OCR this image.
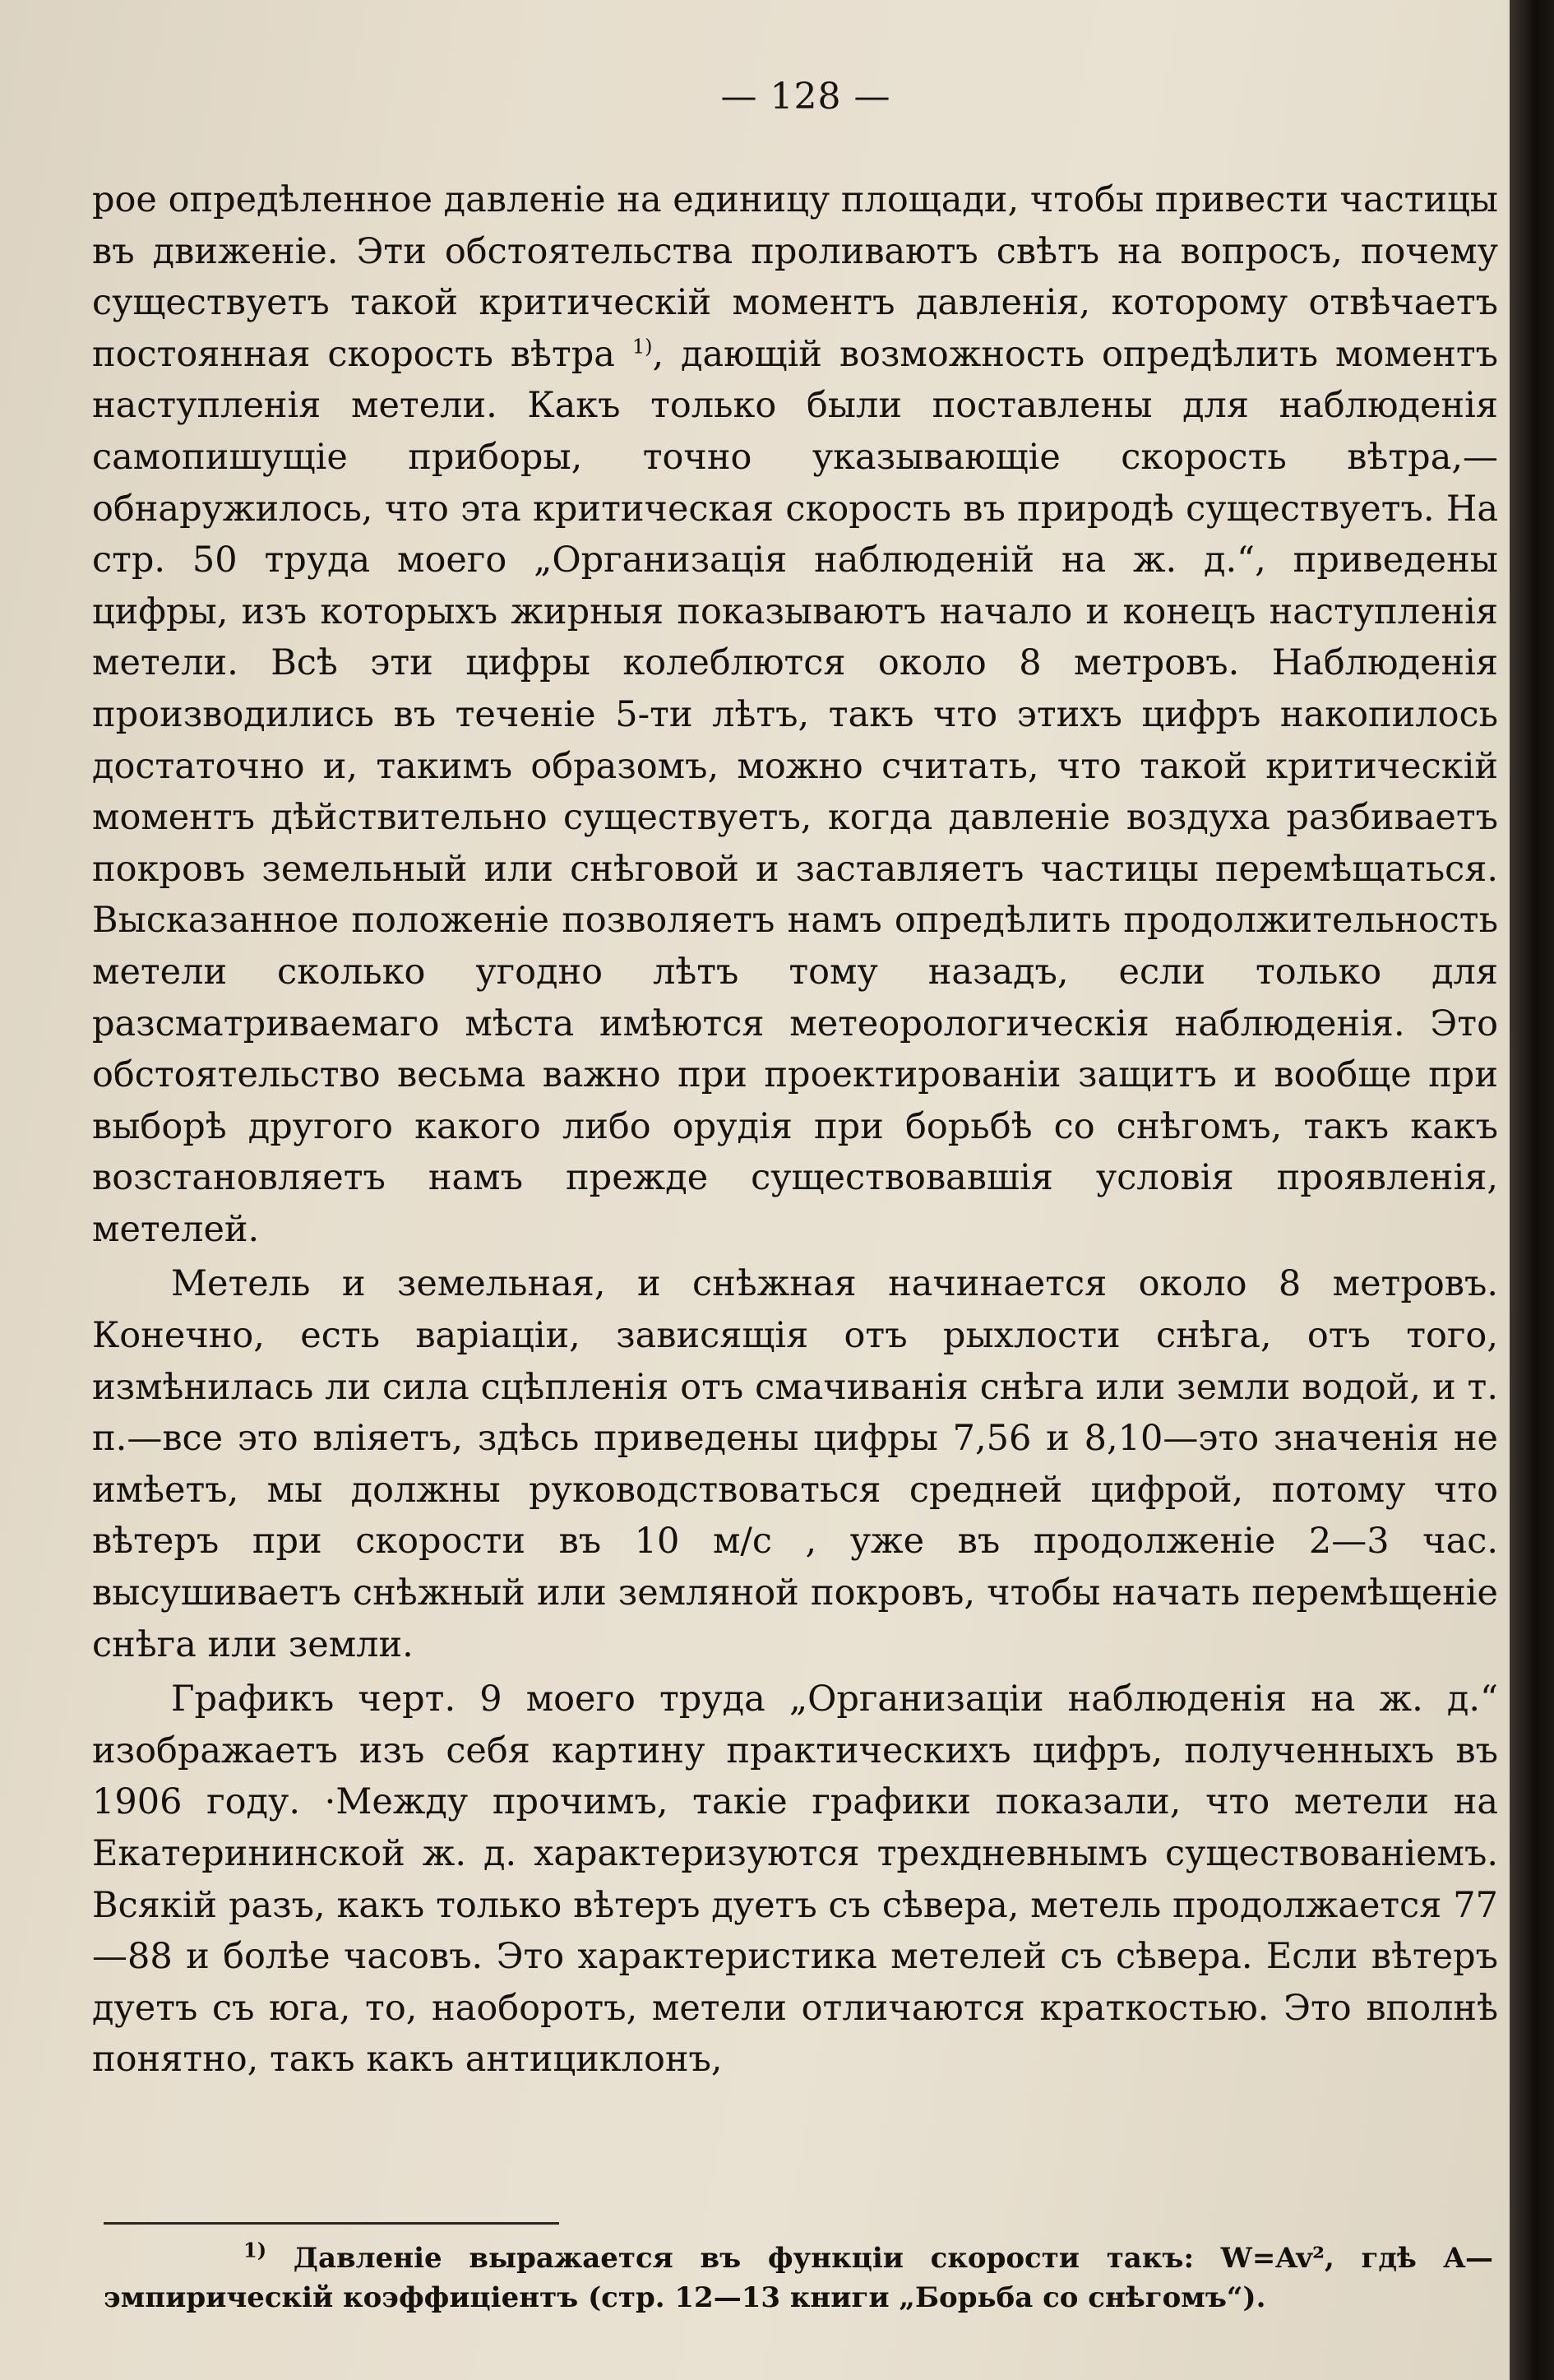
— 128 —

рое опредѣленное давленіе на единицу площади, чтобы привести частицы въ движеніе. Эти обстоятельства проливаютъ свѣтъ на вопросъ, почему существуетъ такой критическій моментъ давленія, которому отвѣчаетъ постоянная скорость вѣтра $^{1)}$, дающій возможность опредѣлить моментъ наступленія метели. Какъ только были поставлены для наблюденія самопишущіе приборы, точно указывающіе скорость вѣтра,—обнаружилось, что эта критическая скорость въ природѣ существуетъ. На стр. 50 труда моего „Организація наблюденій на ж. д.“, приведены цифры, изъ которыхъ жирныя показываютъ начало и конецъ наступленія метели. Всѣ эти цифры колеблются около 8 метровъ. Наблюденія производились въ теченіе 5-ти лѣтъ, такъ что этихъ цифръ накопилось достаточно и, такимъ образомъ, можно считать, что такой критическій моментъ дѣйствительно существуетъ, когда давленіе воздуха разбиваетъ покровъ земельный или снѣговой и заставляетъ частицы перемѣщаться. Высказанное положеніе позволяетъ намъ опредѣлить продолжительность метели сколько угодно лѣтъ тому назадъ, если только для разсматриваемаго мѣста имѣются метеорологическія наблюденія. Это обстоятельство весьма важно при проектированіи защитъ и вообще при выборѣ другого какого либо орудія при борьбѣ со снѣгомъ, такъ какъ возстановляетъ намъ прежде существовавшія условія проявленія, метелей.

Метель и земельная, и снѣжная начинается около 8 метровъ. Конечно, есть варіаціи, зависящія отъ рыхлости снѣга, отъ того, измѣнилась ли сила сцѣпленія отъ смачиванія снѣга или земли водой, и т. п.—все это вліяетъ, здѣсь приведены цифры 7,56 и 8,10—это значенія не имѣетъ, мы должны руководствоваться средней цифрой, потому что вѣтеръ при скорости въ 10 м/с , уже въ продолженіе 2—3 час. высушиваетъ снѣжный или земляной покровъ, чтобы начать перемѣщеніе снѣга или земли.

Графикъ черт. 9 моего труда „Организаціи наблюденія на ж. д.“ изображаетъ изъ себя картину практическихъ цифръ, полученныхъ въ 1906 году. ·Между прочимъ, такіе графики показали, что метели на Екатерининской ж. д. характеризуются трехдневнымъ существованіемъ. Всякій разъ, какъ только вѣтеръ дуетъ съ сѣвера, метель продолжается 77—88 и болѣе часовъ. Это характеристика метелей съ сѣвера. Если вѣтеръ дуетъ съ юга, то, наоборотъ, метели отличаются краткостью. Это вполнѣ понятно, такъ какъ антициклонъ,

$^{1)}$ Давленіе выражается въ функціи скорости такъ: W=Av², гдѣ A—эмпирическій коэффиціентъ (стр. 12—13 книги „Борьба со снѣгомъ“).
